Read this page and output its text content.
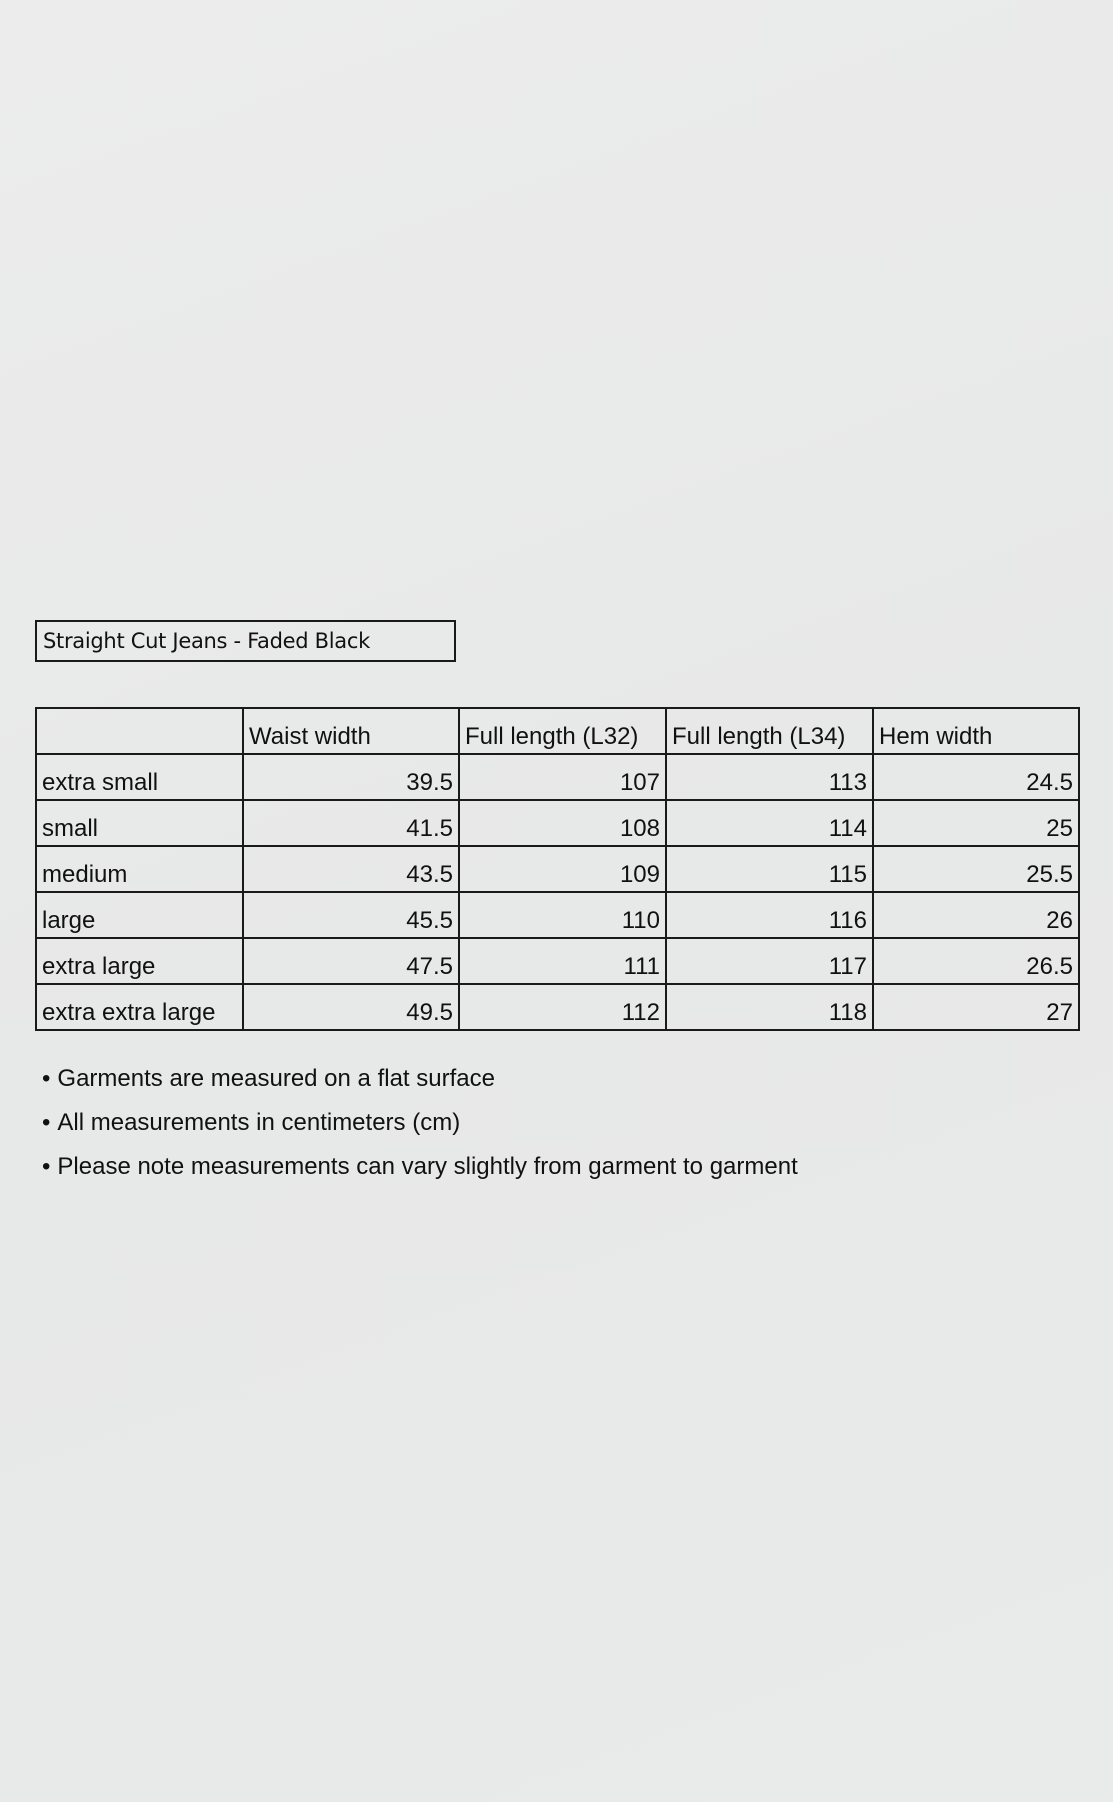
Straight Cut Jeans - Faded Black
	Waist width	Full length (L32)	Full length (L34)	Hem width
extra small	39.5	107	113	24.5
small	41.5	108	114	25
medium	43.5	109	115	25.5
large	45.5	110	116	26
extra large	47.5	111	117	26.5
extra extra large	49.5	112	118	27
• Garments are measured on a flat surface
• All measurements in centimeters (cm)
• Please note measurements can vary slightly from garment to garment
